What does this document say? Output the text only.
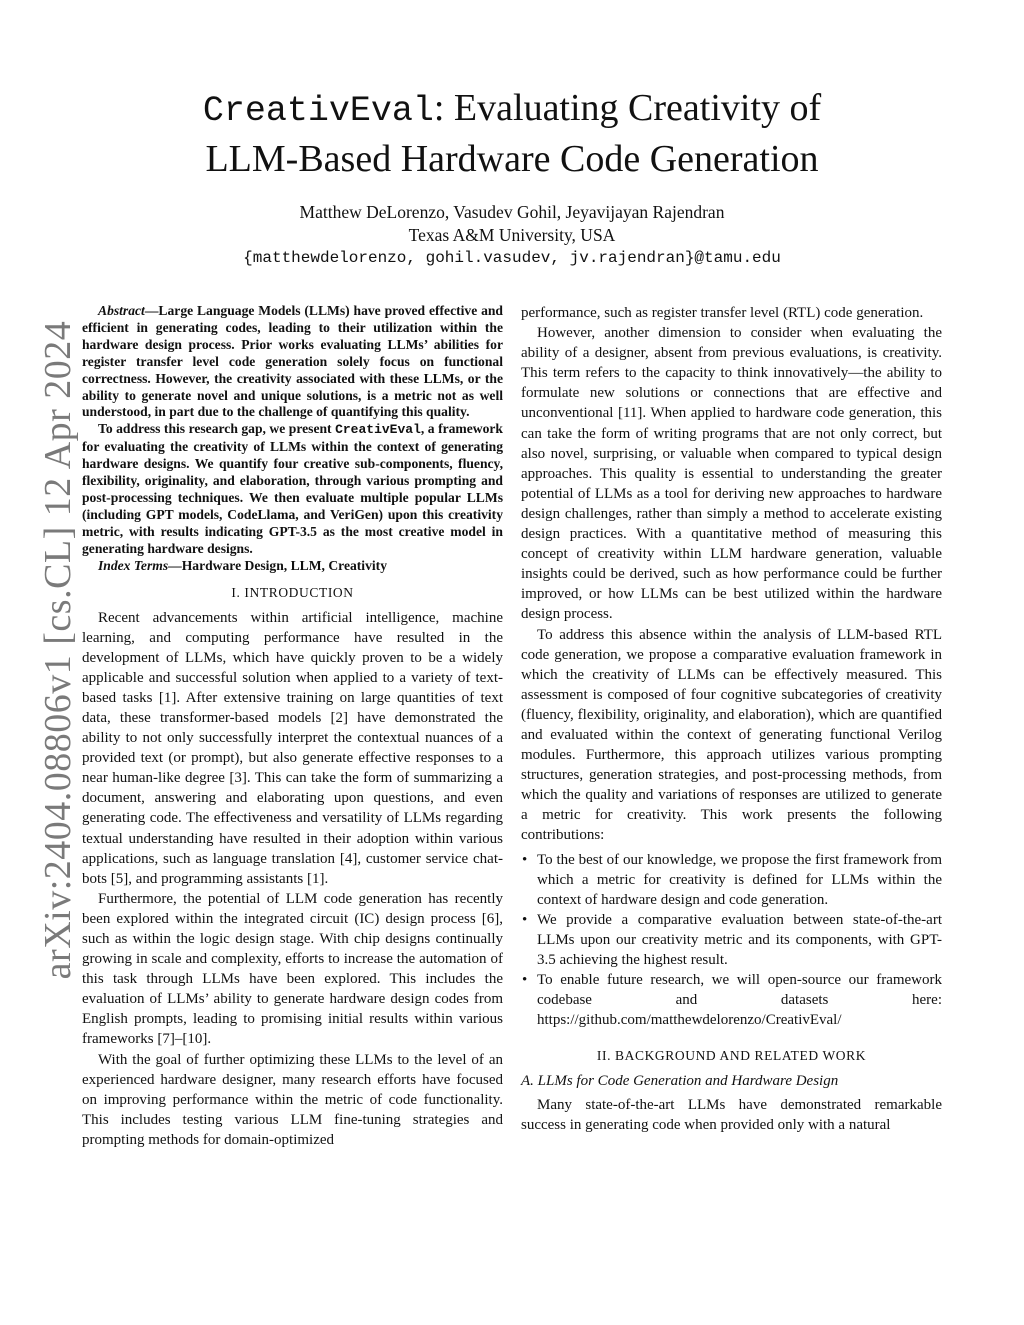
arXiv:2404.08806v1 [cs.CL] 12 Apr 2024
CreativEval: Evaluating Creativity of
LLM-Based Hardware Code Generation
Matthew DeLorenzo, Vasudev Gohil, Jeyavijayan Rajendran
Texas A&M University, USA
{matthewdelorenzo, gohil.vasudev, jv.rajendran}@tamu.edu

Abstract—Large Language Models (LLMs) have proved effective and efficient in generating codes, leading to their utilization within the hardware design process. Prior works evaluating LLMs’ abilities for register transfer level code generation solely focus on functional correctness. However, the creativity associated with these LLMs, or the ability to generate novel and unique solutions, is a metric not as well understood, in part due to the challenge of quantifying this quality.

To address this research gap, we present CreativEval, a framework for evaluating the creativity of LLMs within the context of generating hardware designs. We quantify four creative sub-components, fluency, flexibility, originality, and elaboration, through various prompting and post-processing techniques. We then evaluate multiple popular LLMs (including GPT models, CodeLlama, and VeriGen) upon this creativity metric, with results indicating GPT-3.5 as the most creative model in generating hardware designs.

Index Terms—Hardware Design, LLM, Creativity

I. INTRODUCTION

Recent advancements within artificial intelligence, machine learning, and computing performance have resulted in the development of LLMs, which have quickly proven to be a widely applicable and successful solution when applied to a variety of text-based tasks [1]. After extensive training on large quantities of text data, these transformer-based models [2] have demonstrated the ability to not only successfully interpret the contextual nuances of a provided text (or prompt), but also generate effective responses to a near human-like degree [3]. This can take the form of summarizing a document, answering and elaborating upon questions, and even generating code. The effectiveness and versatility of LLMs regarding textual understanding have resulted in their adoption within various applications, such as language translation [4], customer service chat-bots [5], and programming assistants [1].

Furthermore, the potential of LLM code generation has recently been explored within the integrated circuit (IC) design process [6], such as within the logic design stage. With chip designs continually growing in scale and complexity, efforts to increase the automation of this task through LLMs have been explored. This includes the evaluation of LLMs’ ability to generate hardware design codes from English prompts, leading to promising initial results within various frameworks [7]–[10].

With the goal of further optimizing these LLMs to the level of an experienced hardware designer, many research efforts have focused on improving performance within the metric of code functionality. This includes testing various LLM fine-tuning strategies and prompting methods for domain-optimized

performance, such as register transfer level (RTL) code generation.

However, another dimension to consider when evaluating the ability of a designer, absent from previous evaluations, is creativity. This term refers to the capacity to think innovatively—the ability to formulate new solutions or connections that are effective and unconventional [11]. When applied to hardware code generation, this can take the form of writing programs that are not only correct, but also novel, surprising, or valuable when compared to typical design approaches. This quality is essential to understanding the greater potential of LLMs as a tool for deriving new approaches to hardware design challenges, rather than simply a method to accelerate existing design practices. With a quantitative method of measuring this concept of creativity within LLM hardware generation, valuable insights could be derived, such as how performance could be further improved, or how LLMs can be best utilized within the hardware design process.

To address this absence within the analysis of LLM-based RTL code generation, we propose a comparative evaluation framework in which the creativity of LLMs can be effectively measured. This assessment is composed of four cognitive subcategories of creativity (fluency, flexibility, originality, and elaboration), which are quantified and evaluated within the context of generating functional Verilog modules. Furthermore, this approach utilizes various prompting structures, generation strategies, and post-processing methods, from which the quality and variations of responses are utilized to generate a metric for creativity. This work presents the following contributions:

• To the best of our knowledge, we propose the first framework from which a metric for creativity is defined for LLMs within the context of hardware design and code generation.
• We provide a comparative evaluation between state-of-the-art LLMs upon our creativity metric and its components, with GPT-3.5 achieving the highest result.
• To enable future research, we will open-source our framework codebase and datasets here: https://github.com/matthewdelorenzo/CreativEval/
II. BACKGROUND AND RELATED WORK
A. LLMs for Code Generation and Hardware Design

Many state-of-the-art LLMs have demonstrated remarkable success in generating code when provided only with a natural
